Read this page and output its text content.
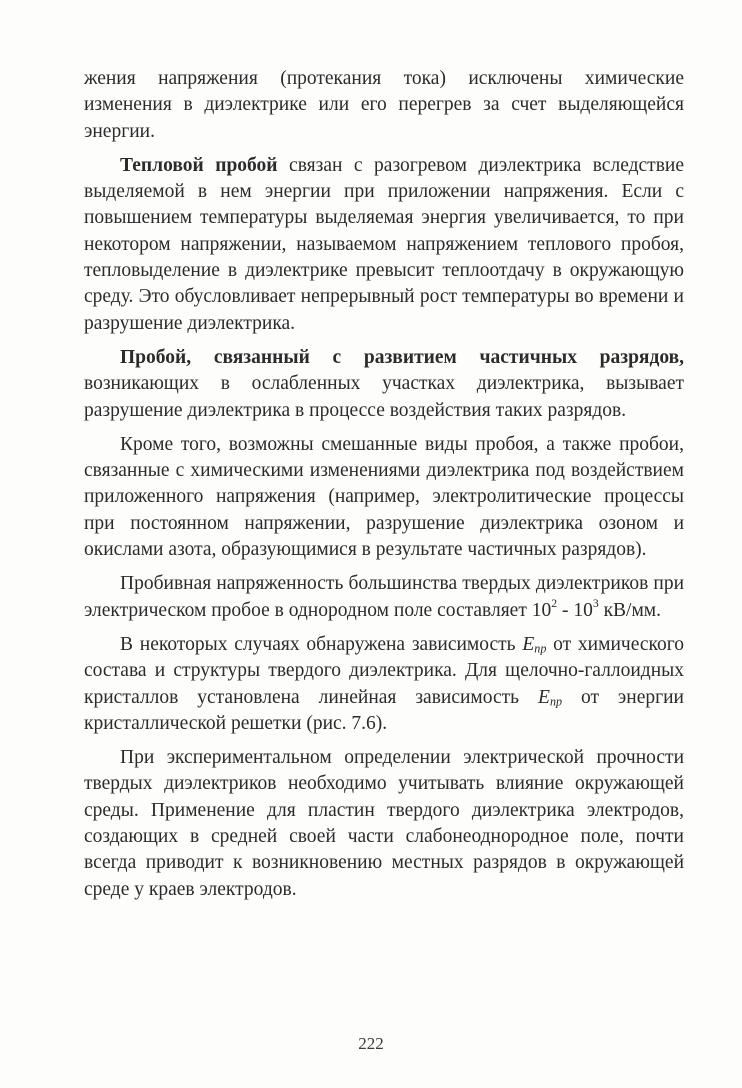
жения напряжения (протекания тока) исключены химические изменения в диэлектрике или его перегрев за счет выделяющейся энергии.

Тепловой пробой связан с разогревом диэлектрика вследствие выделяемой в нем энергии при приложении напряжения. Если с повышением температуры выделяемая энергия увеличивается, то при некотором напряжении, называемом напряжением теплового пробоя, тепловыделение в диэлектрике превысит теплоотдачу в окружающую среду. Это обусловливает непрерывный рост температуры во времени и разрушение диэлектрика.

Пробой, связанный с развитием частичных разрядов, возникающих в ослабленных участках диэлектрика, вызывает разрушение диэлектрика в процессе воздействия таких разрядов.

Кроме того, возможны смешанные виды пробоя, а также пробои, связанные с химическими изменениями диэлектрика под воздействием приложенного напряжения (например, электролитические процессы при постоянном напряжении, разрушение диэлектрика озоном и окислами азота, образующимися в результате частичных разрядов).

Пробивная напряженность большинства твердых диэлектриков при электрическом пробое в однородном поле составляет $10^2 - 10^3$ кВ/мм.

В некоторых случаях обнаружена зависимость $E_{пр}$ от химического состава и структуры твердого диэлектрика. Для щелочно-галлоидных кристаллов установлена линейная зависимость $E_{пр}$ от энергии кристаллической решетки (рис. 7.6).

При экспериментальном определении электрической прочности твердых диэлектриков необходимо учитывать влияние окружающей среды. Применение для пластин твердого диэлектрика электродов, создающих в средней своей части слабонеоднородное поле, почти всегда приводит к возникновению местных разрядов в окружающей среде у краев электродов.

222
